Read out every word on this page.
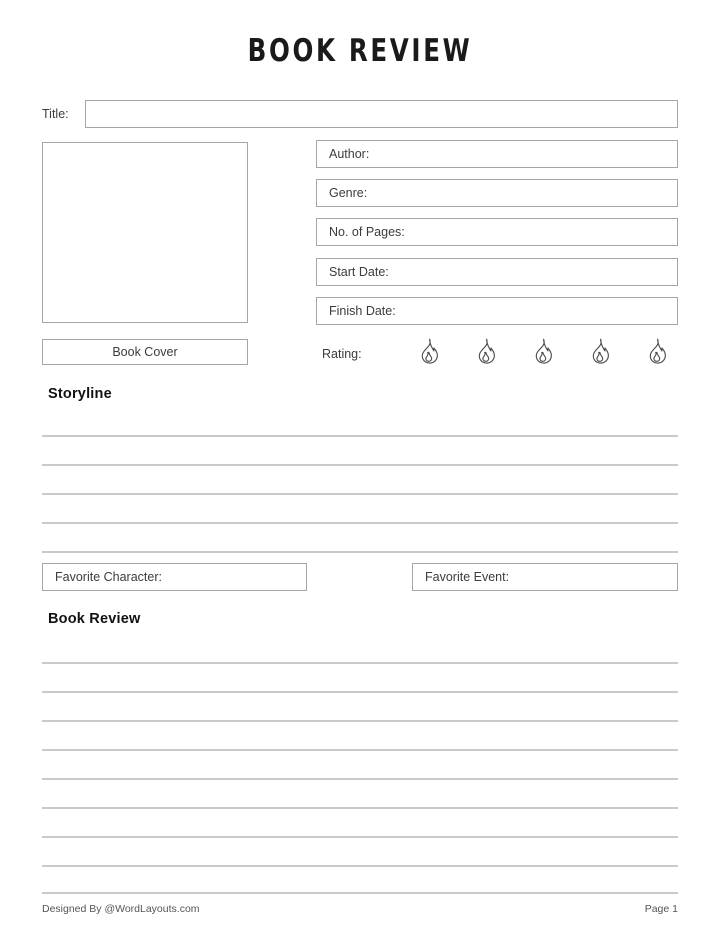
BOOK REVIEW
Title:
Book Cover
Author:
Genre:
No. of Pages:
Start Date:
Finish Date:
Rating:
Storyline
Favorite Character:	Favorite Event:
Book Review
Designed By @WordLayouts.com	Page 1
